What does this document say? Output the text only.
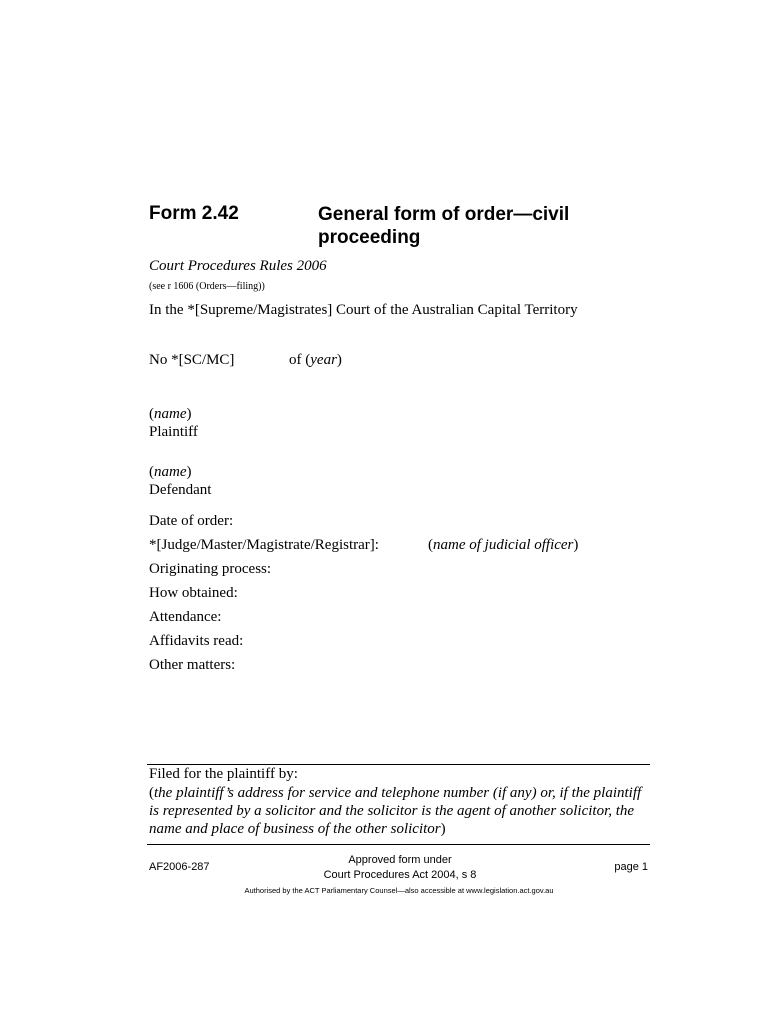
Form 2.42	General form of order—civil proceeding
Court Procedures Rules 2006
(see r 1606 (Orders—filing))
In the *[Supreme/Magistrates] Court of the Australian Capital Territory
No *[SC/MC]	of (year)
(name)
Plaintiff
(name)
Defendant
Date of order:
*[Judge/Master/Magistrate/Registrar]:	(name of judicial officer)
Originating process:
How obtained:
Attendance:
Affidavits read:
Other matters:
Filed for the plaintiff by:
(the plaintiff’s address for service and telephone number (if any) or, if the plaintiff is represented by a solicitor and the solicitor is the agent of another solicitor, the name and place of business of the other solicitor)
AF2006-287
Approved form under
Court Procedures Act 2004, s 8
page 1
Authorised by the ACT Parliamentary Counsel—also accessible at www.legislation.act.gov.au
